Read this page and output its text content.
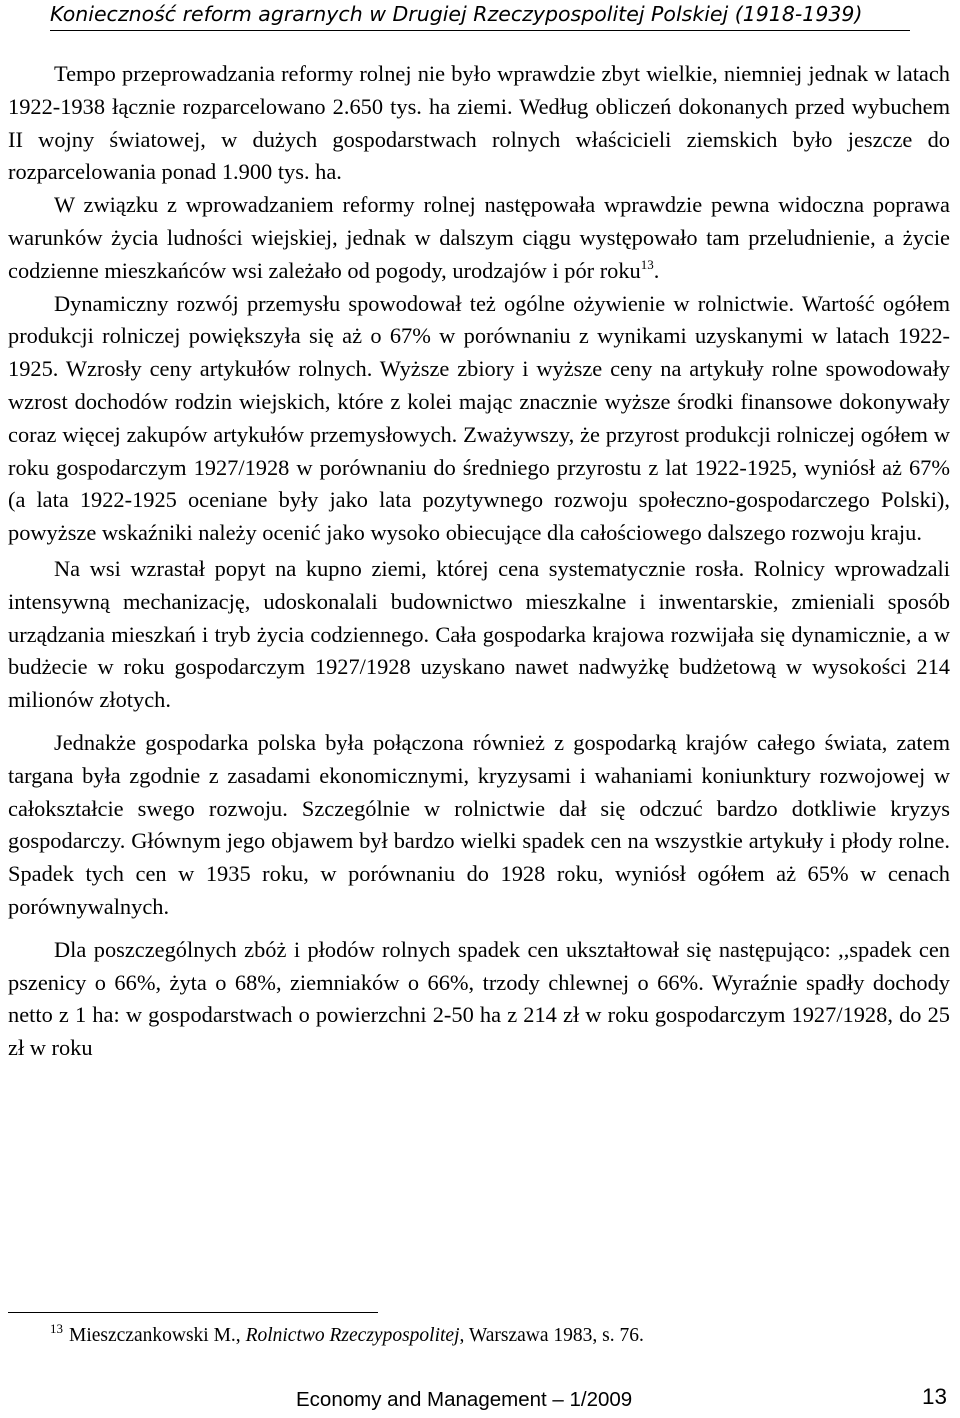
Konieczność reform agrarnych w Drugiej Rzeczypospolitej Polskiej (1918-1939)

Tempo przeprowadzania reformy rolnej nie było wprawdzie zbyt wielkie, niemniej jednak w latach 1922-1938 łącznie rozparcelowano 2.650 tys. ha ziemi. Według obliczeń dokonanych przed wybuchem II wojny światowej, w dużych gospodarstwach rolnych właścicieli ziemskich było jeszcze do rozparcelowania ponad 1.900 tys. ha.

W związku z wprowadzaniem reformy rolnej następowała wprawdzie pewna widoczna poprawa warunków życia ludności wiejskiej, jednak w dalszym ciągu występowało tam przeludnienie, a życie codzienne mieszkańców wsi zależało od pogody, urodzajów i pór roku$^{13}$.

Dynamiczny rozwój przemysłu spowodował też ogólne ożywienie w rolnictwie. Wartość ogółem produkcji rolniczej powiększyła się aż o 67% w porównaniu z wynikami uzyskanymi w latach 1922-1925. Wzrosły ceny artykułów rolnych. Wyższe zbiory i wyższe ceny na artykuły rolne spowodowały wzrost dochodów rodzin wiejskich, które z kolei mając znacznie wyższe środki finansowe dokonywały coraz więcej zakupów artykułów przemysłowych. Zważywszy, że przyrost produkcji rolniczej ogółem w roku gospodarczym 1927/1928 w porównaniu do średniego przyrostu z lat 1922-1925, wyniósł aż 67% (a lata 1922-1925 oceniane były jako lata pozytywnego rozwoju społeczno-gospodarczego Polski), powyższe wskaźniki należy ocenić jako wysoko obiecujące dla całościowego dalszego rozwoju kraju.

Na wsi wzrastał popyt na kupno ziemi, której cena systematycznie rosła. Rolnicy wprowadzali intensywną mechanizację, udoskonalali budownictwo mieszkalne i inwentarskie, zmieniali sposób urządzania mieszkań i tryb życia codziennego. Cała gospodarka krajowa rozwijała się dynamicznie, a w budżecie w roku gospodarczym 1927/1928 uzyskano nawet nadwyżkę budżetową w wysokości 214 milionów złotych.

Jednakże gospodarka polska była połączona również z gospodarką krajów całego świata, zatem targana była zgodnie z zasadami ekonomicznymi, kryzysami i wahaniami koniunktury rozwojowej w całokształcie swego rozwoju. Szczególnie w rolnictwie dał się odczuć bardzo dotkliwie kryzys gospodarczy. Głównym jego objawem był bardzo wielki spadek cen na wszystkie artykuły i płody rolne. Spadek tych cen w 1935 roku, w porównaniu do 1928 roku, wyniósł ogółem aż 65% w cenach porównywalnych.

Dla poszczególnych zbóż i płodów rolnych spadek cen ukształtował się następująco: ,,spadek cen pszenicy o 66%, żyta o 68%, ziemniaków o 66%, trzody chlewnej o 66%. Wyraźnie spadły dochody netto z 1 ha: w gospodarstwach o powierzchni 2-50 ha z 214 zł w roku gospodarczym 1927/1928, do 25 zł w roku

$^{13}$ Mieszczankowski M., Rolnictwo Rzeczypospolitej, Warszawa 1983, s. 76.
Economy and Management – 1/2009	13
